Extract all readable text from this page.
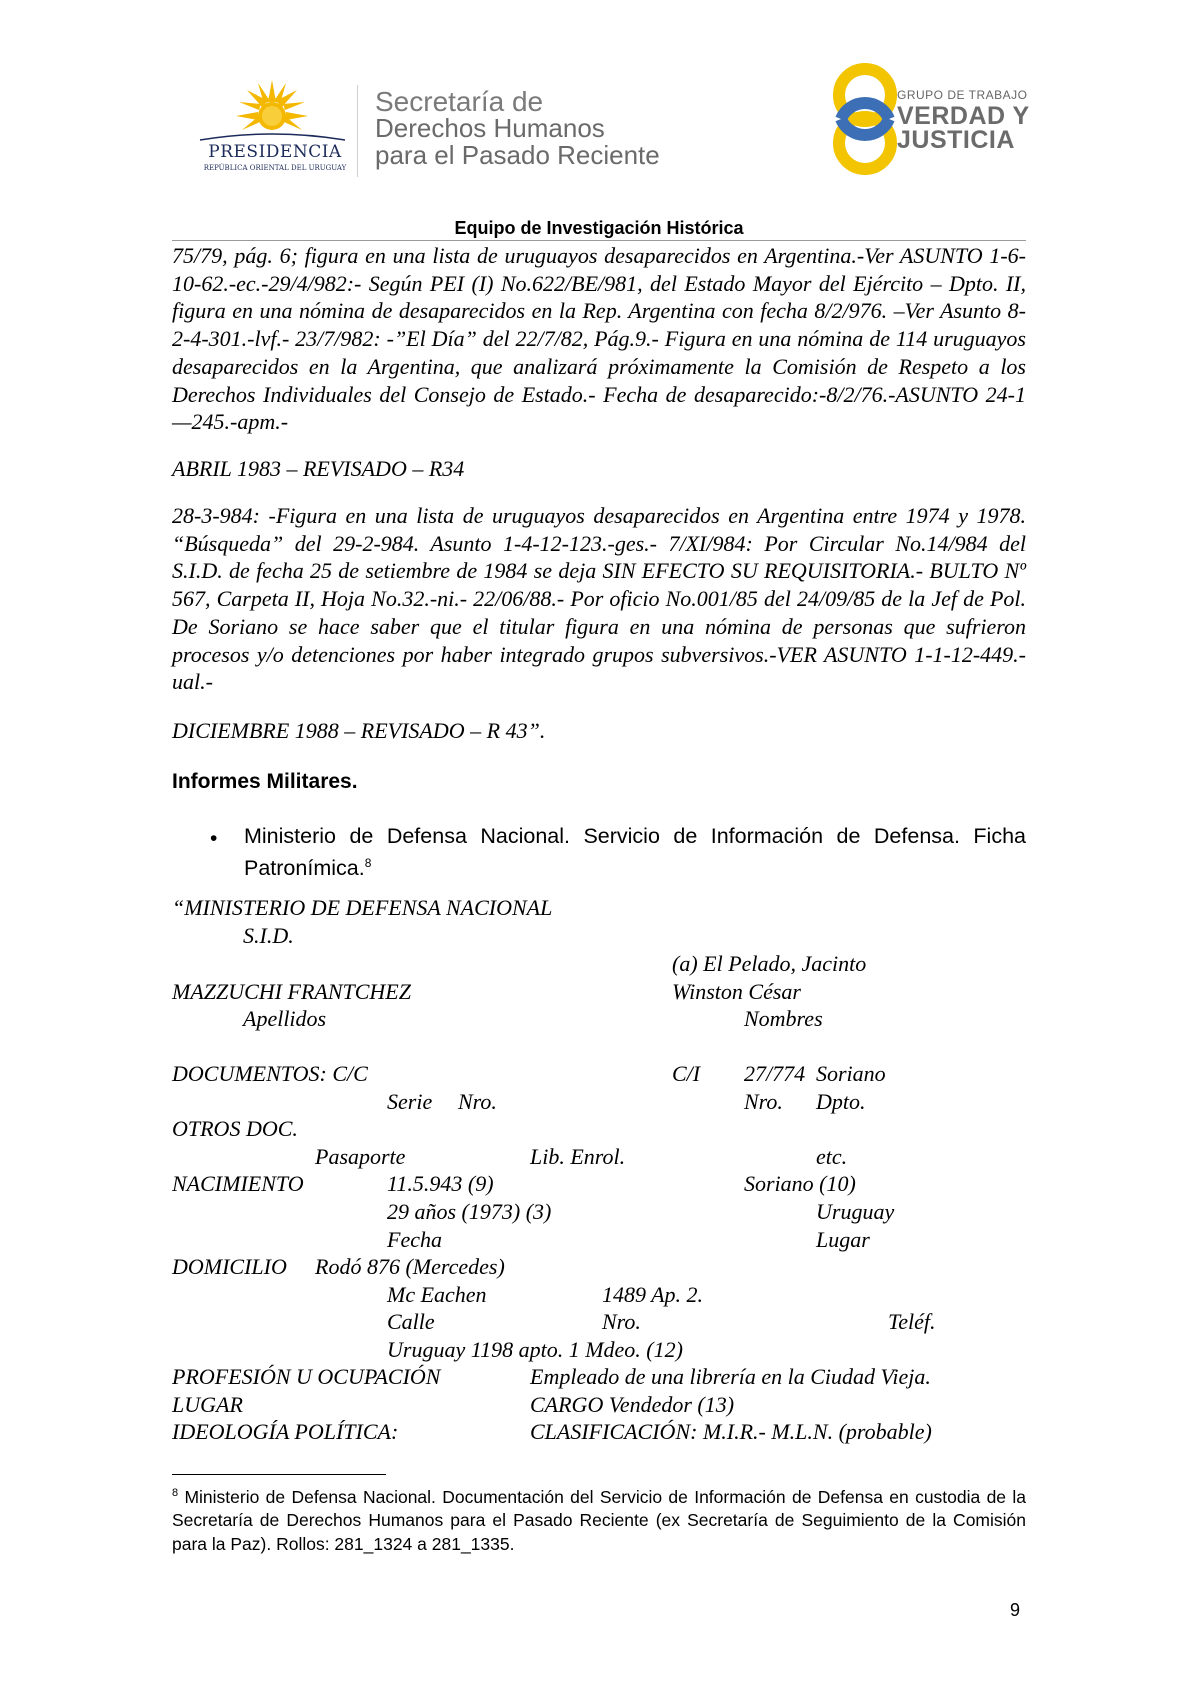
PRESIDENCIA
REPÚBLICA ORIENTAL DEL URUGUAY
Secretaría de
Derechos Humanos
para el Pasado Reciente
GRUPO DE TRABAJO
VERDAD Y
JUSTICIA
Equipo de Investigación Histórica
75/79, pág. 6; figura en una lista de uruguayos desaparecidos en Argentina.-Ver ASUNTO 1-6-10-62.-ec.-29/4/982:- Según PEI (I) No.622/BE/981, del Estado Mayor del Ejército – Dpto. II, figura en una nómina de desaparecidos en la Rep. Argentina con fecha 8/2/976. –Ver Asunto 8-2-4-301.-lvf.- 23/7/982: -”El Día” del 22/7/82, Pág.9.- Figura en una nómina de 114 uruguayos desaparecidos en la Argentina, que analizará próximamente la Comisión de Respeto a los Derechos Individuales del Consejo de Estado.- Fecha de desaparecido:-8/2/76.-ASUNTO 24-1—245.-apm.-
ABRIL 1983 – REVISADO – R34
28-3-984: -Figura en una lista de uruguayos desaparecidos en Argentina entre 1974 y 1978. “Búsqueda” del 29-2-984. Asunto 1-4-12-123.-ges.- 7/XI/984: Por Circular No.14/984 del S.I.D. de fecha 25 de setiembre de 1984 se deja SIN EFECTO SU REQUISITORIA.- BULTO Nº 567, Carpeta II, Hoja No.32.-ni.- 22/06/88.- Por oficio No.001/85 del 24/09/85 de la Jef de Pol. De Soriano se hace saber que el titular figura en una nómina de personas que sufrieron procesos y/o detenciones por haber integrado grupos subversivos.-VER ASUNTO 1-1-12-449.-ual.-
DICIEMBRE 1988 – REVISADO – R 43”.
Informes Militares.
• Ministerio de Defensa Nacional. Servicio de Información de Defensa. Ficha Patronímica.$^8$
“MINISTERIO DE DEFENSA NACIONAL
S.I.D.
(a) El Pelado, Jacinto
MAZZUCHI FRANTCHEZ	Winston César
Apellidos	Nombres
DOCUMENTOS: C/C	C/I 27/774 Soriano
Serie Nro.	Nro. Dpto.
OTROS DOC.
Pasaporte	Lib. Enrol.	etc.
NACIMIENTO	11.5.943 (9)	Soriano (10)
29 años (1973) (3)	Uruguay
Fecha	Lugar
DOMICILIO Rodó 876 (Mercedes)
Mc Eachen	1489 Ap. 2.
Calle	Nro.	Teléf.
Uruguay 1198 apto. 1 Mdeo. (12)
PROFESIÓN U OCUPACIÓN	Empleado de una librería en la Ciudad Vieja.
LUGAR	CARGO Vendedor (13)
IDEOLOGÍA POLÍTICA:	CLASIFICACIÓN: M.I.R.- M.L.N. (probable)
$^8$ Ministerio de Defensa Nacional. Documentación del Servicio de Información de Defensa en custodia de la Secretaría de Derechos Humanos para el Pasado Reciente (ex Secretaría de Seguimiento de la Comisión para la Paz). Rollos: 281_1324 a 281_1335.
9
